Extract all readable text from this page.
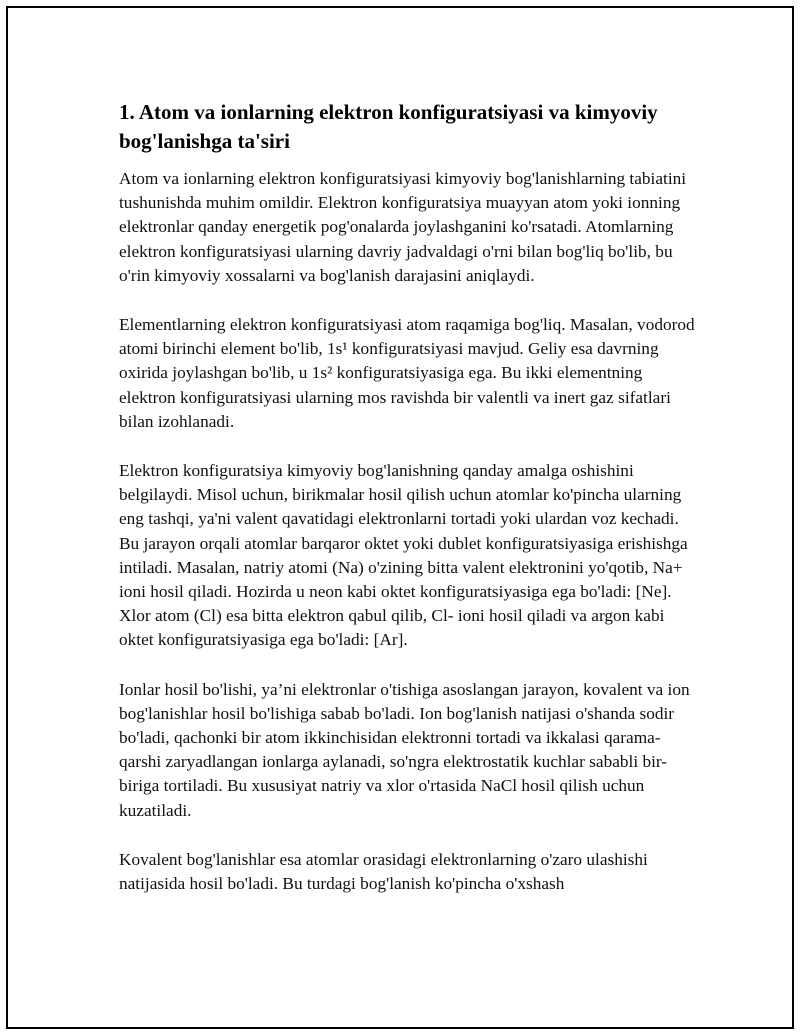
1. Atom va ionlarning elektron konfiguratsiyasi va kimyoviy bog'lanishga ta'siri

Atom va ionlarning elektron konfiguratsiyasi kimyoviy bog'lanishlarning tabiatini tushunishda muhim omildir. Elektron konfiguratsiya muayyan atom yoki ionning elektronlar qanday energetik pog'onalarda joylashganini ko'rsatadi. Atomlarning elektron konfiguratsiyasi ularning davriy jadvaldagi o'rni bilan bog'liq bo'lib, bu o'rin kimyoviy xossalarni va bog'lanish darajasini aniqlaydi.

Elementlarning elektron konfiguratsiyasi atom raqamiga bog'liq. Masalan, vodorod atomi birinchi element bo'lib, 1s¹ konfiguratsiyasi mavjud. Geliy esa davrning oxirida joylashgan bo'lib, u 1s² konfiguratsiyasiga ega. Bu ikki elementning elektron konfiguratsiyasi ularning mos ravishda bir valentli va inert gaz sifatlari bilan izohlanadi.

Elektron konfiguratsiya kimyoviy bog'lanishning qanday amalga oshishini belgilaydi. Misol uchun, birikmalar hosil qilish uchun atomlar ko'pincha ularning eng tashqi, ya'ni valent qavatidagi elektronlarni tortadi yoki ulardan voz kechadi. Bu jarayon orqali atomlar barqaror oktet yoki dublet konfiguratsiyasiga erishishga intiladi. Masalan, natriy atomi (Na) o'zining bitta valent elektronini yo'qotib, Na+ ioni hosil qiladi. Hozirda u neon kabi oktet konfiguratsiyasiga ega bo'ladi: [Ne]. Xlor atom (Cl) esa bitta elektron qabul qilib, Cl- ioni hosil qiladi va argon kabi oktet konfiguratsiyasiga ega bo'ladi: [Ar].

Ionlar hosil bo'lishi, ya’ni elektronlar o'tishiga asoslangan jarayon, kovalent va ion bog'lanishlar hosil bo'lishiga sabab bo'ladi. Ion bog'lanish natijasi o'shanda sodir bo'ladi, qachonki bir atom ikkinchisidan elektronni tortadi va ikkalasi qarama-qarshi zaryadlangan ionlarga aylanadi, so'ngra elektrostatik kuchlar sababli bir-biriga tortiladi. Bu xususiyat natriy va xlor o'rtasida NaCl hosil qilish uchun kuzatiladi.

Kovalent bog'lanishlar esa atomlar orasidagi elektronlarning o'zaro ulashishi natijasida hosil bo'ladi. Bu turdagi bog'lanish ko'pincha o'xshash
